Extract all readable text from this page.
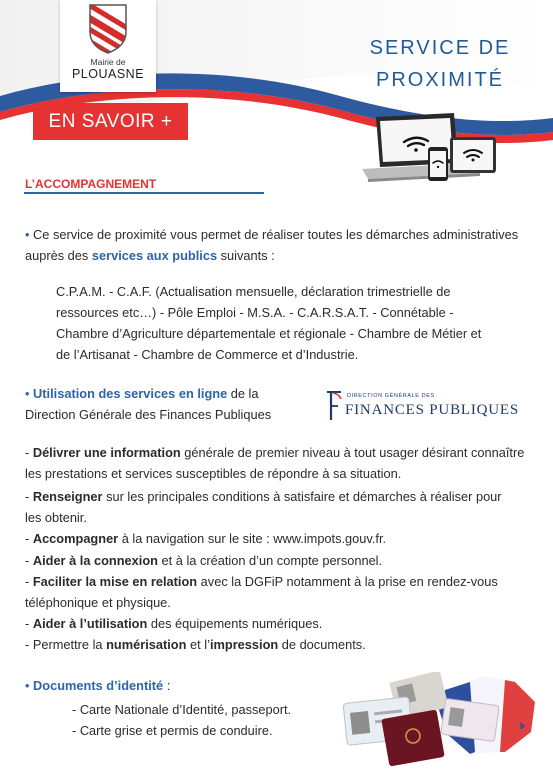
Mairie de
PLOUASNE
EN SAVOIR +
SERVICE DE
PROXIMITÉ
L’ACCOMPAGNEMENT
• Ce service de proximité vous permet de réaliser toutes les démarches administratives
auprès des services aux publics suivants :
C.P.A.M. - C.A.F. (Actualisation mensuelle, déclaration trimestrielle de
ressources etc…) - Pôle Emploi - M.S.A. - C.A.R.S.A.T. - Connétable -
Chambre d’Agriculture départementale et régionale - Chambre de Métier et
de l’Artisanat - Chambre de Commerce et d’Industrie.
• Utilisation des services en ligne de la
Direction Générale des Finances Publiques
DIRECTION GÉNÉRALE DES
FINANCES PUBLIQUES
- Délivrer une information générale de premier niveau à tout usager désirant connaître
les prestations et services susceptibles de répondre à sa situation.
- Renseigner sur les principales conditions à satisfaire et démarches à réaliser pour
les obtenir.
- Accompagner à la navigation sur le site : www.impots.gouv.fr.
- Aider à la connexion et à la création d’un compte personnel.
- Faciliter la mise en relation avec la DGFiP notamment à la prise en rendez-vous
téléphonique et physique.
- Aider à l’utilisation des équipements numériques.
- Permettre la numérisation et l’impression de documents.
• Documents d’identité :
- Carte Nationale d’Identité, passeport.
- Carte grise et permis de conduire.
